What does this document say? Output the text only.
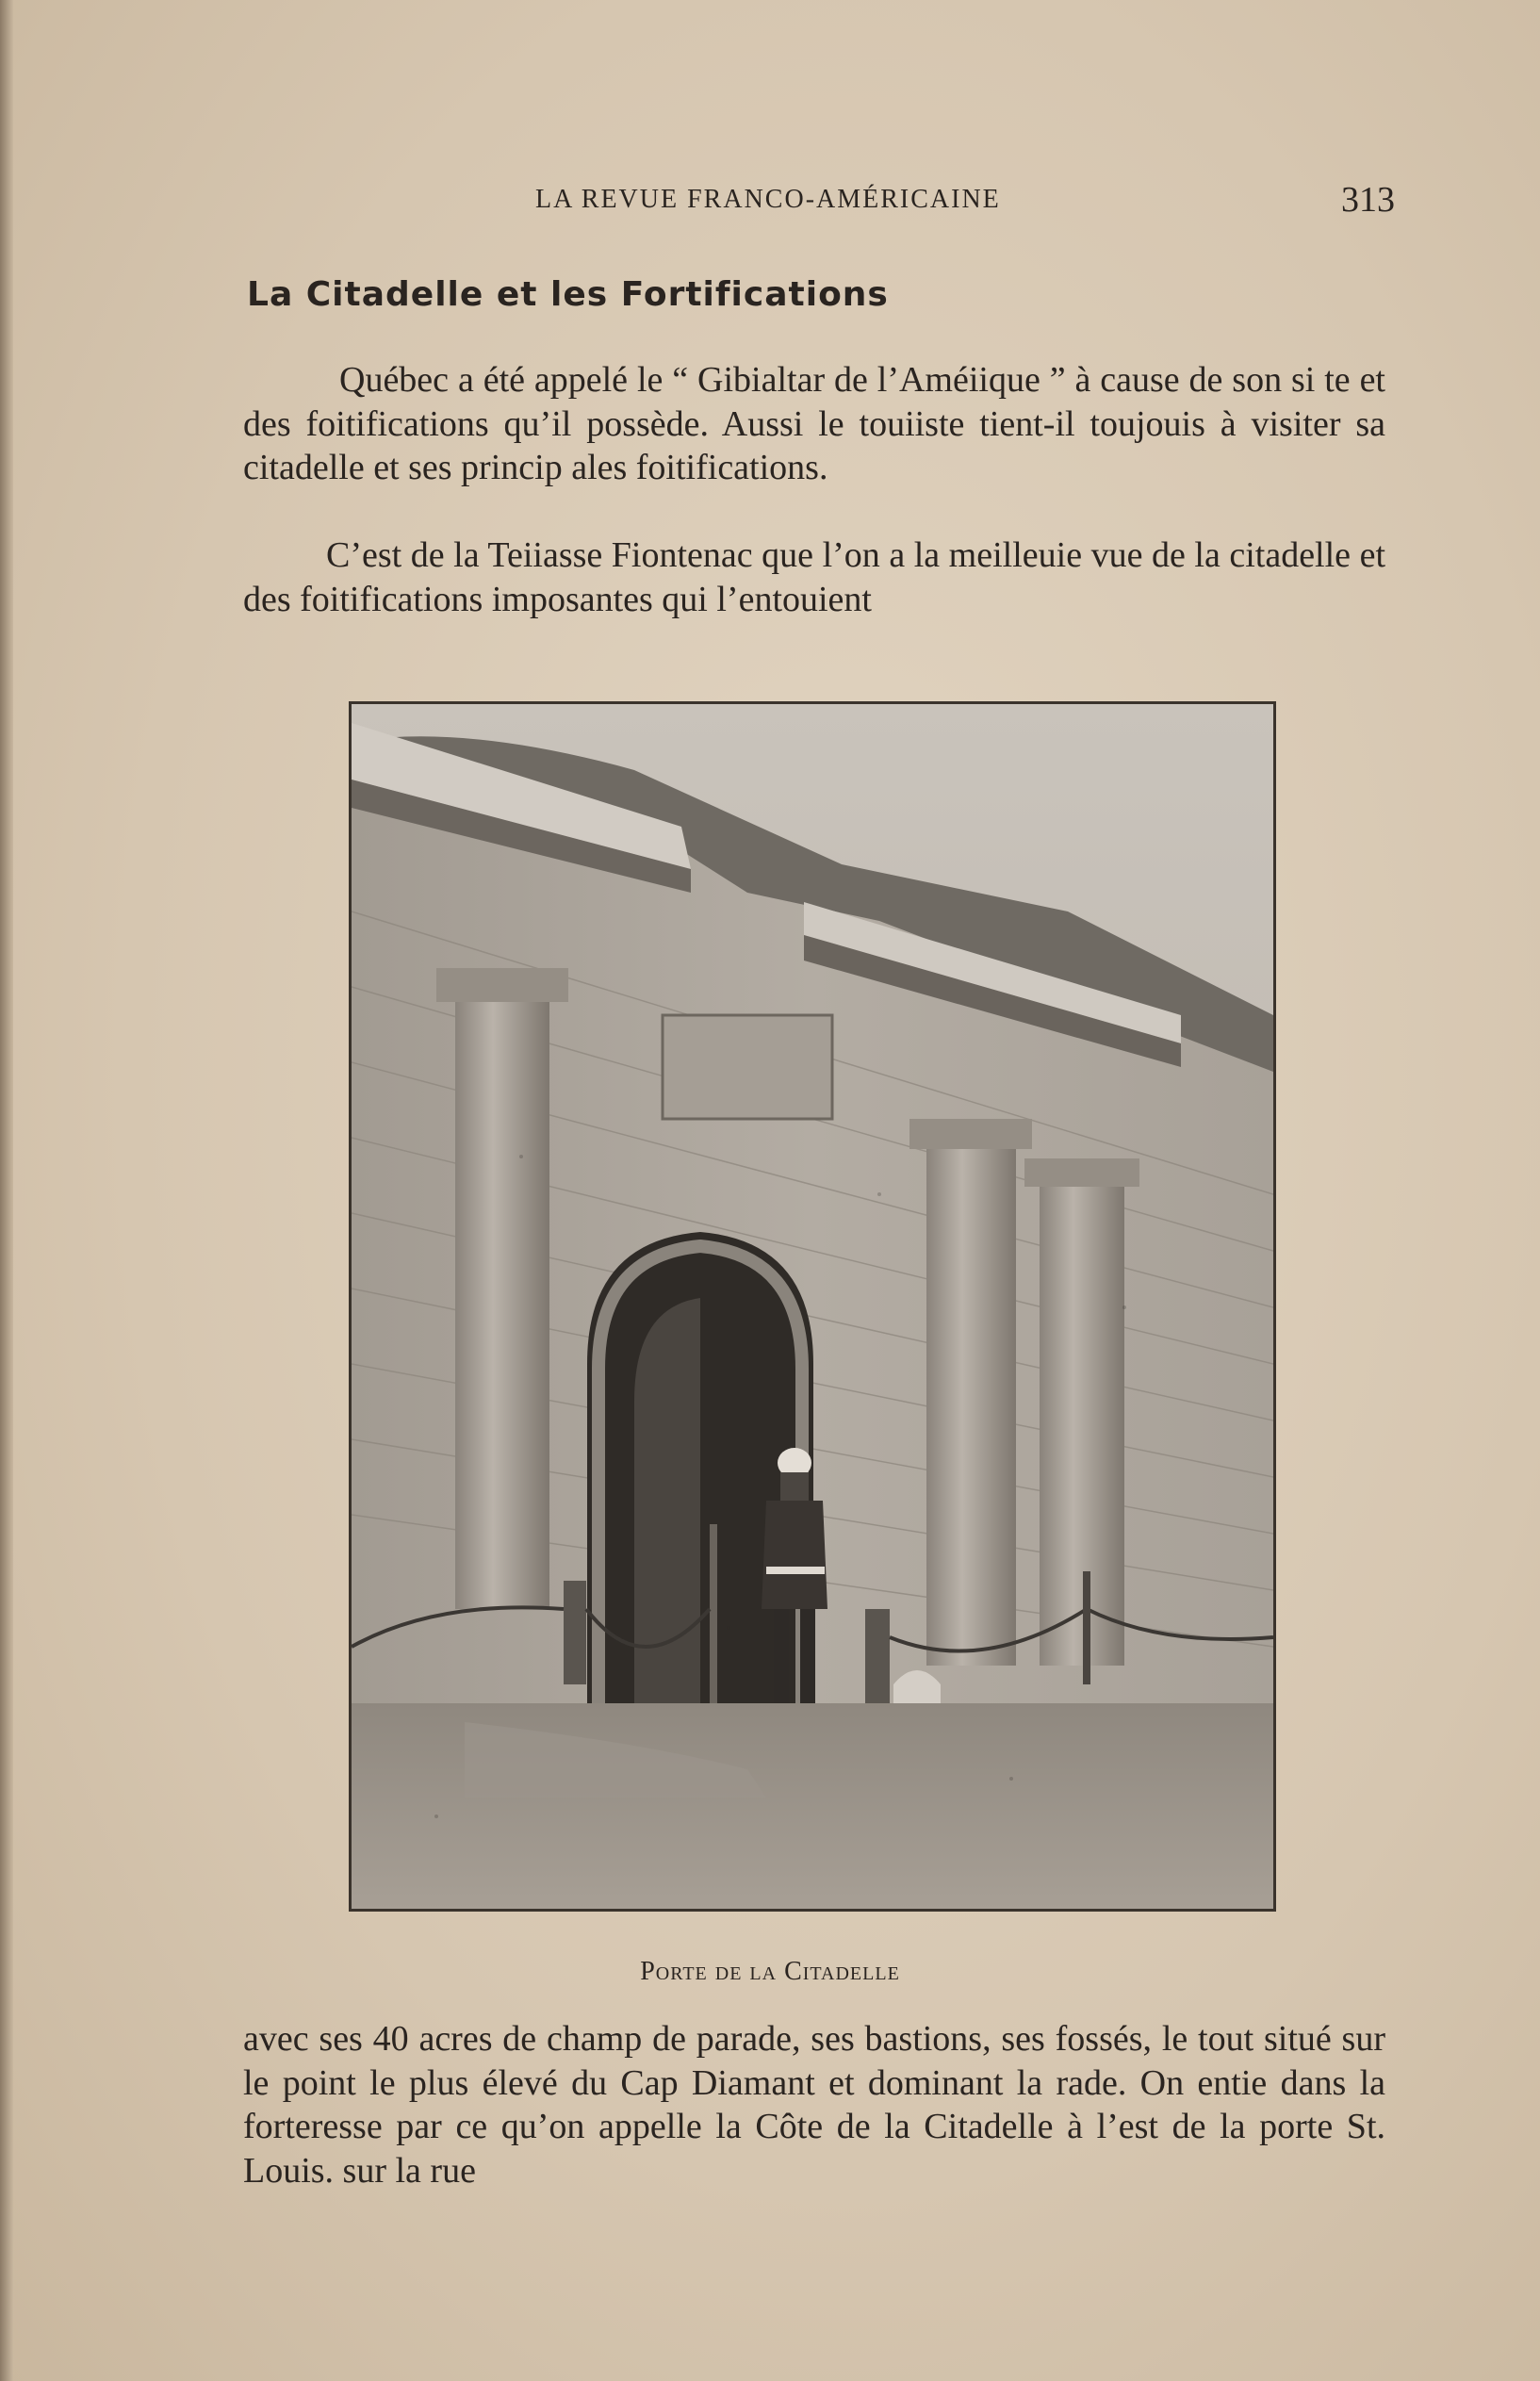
LA REVUE FRANCO-AMÉRICAINE	313
La Citadelle et les Fortifications

Québec a été appelé le “ Gibialtar de l’Améiique ” à cause de son si te et des foitifications qu’il possède. Aussi le touiiste tient-il toujouis à visiter sa citadelle et ses princip ales foitifications.

C’est de la Teiiasse Fiontenac que l’on a la meilleuie vue de la citadelle et des foitifications imposantes qui l’entouient

Porte de la Citadelle

avec ses 40 acres de champ de parade, ses bastions, ses fossés, le tout situé sur le point le plus élevé du Cap Diamant et dominant la rade. On entie dans la forteresse par ce qu’on appelle la Côte de la Citadelle à l’est de la porte St. Louis. sur la rue
